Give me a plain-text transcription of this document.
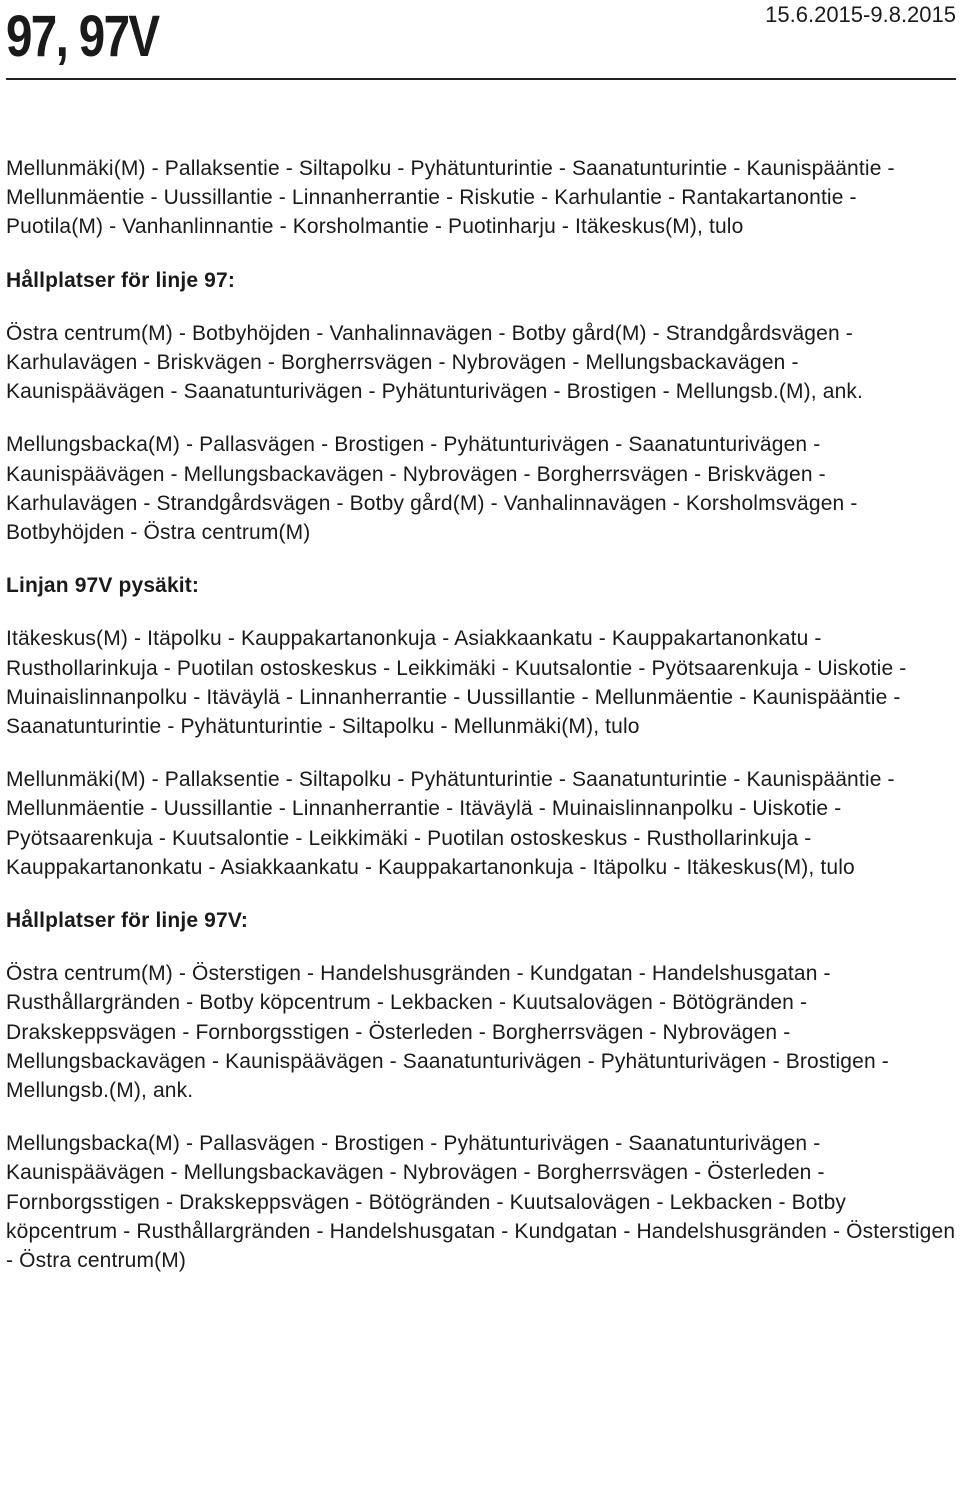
97, 97V	15.6.2015-9.8.2015

Mellunmäki(M) - Pallaksentie - Siltapolku - Pyhätunturintie - Saanatunturintie - Kaunispääntie - Mellunmäentie - Uussillantie - Linnanherrantie - Riskutie - Karhulantie - Rantakartanontie - Puotila(M) - Vanhanlinnantie - Korsholmantie - Puotinharju - Itäkeskus(M), tulo

Hållplatser för linje 97:

Östra centrum(M) - Botbyhöjden - Vanhalinnavägen - Botby gård(M) - Strandgårdsvägen - Karhulavägen - Briskvägen - Borgherrsvägen - Nybrovägen - Mellungsbackavägen - Kaunispäävägen - Saanatunturivägen - Pyhätunturivägen - Brostigen - Mellungsb.(M), ank.

Mellungsbacka(M) - Pallasvägen - Brostigen - Pyhätunturivägen - Saanatunturivägen - Kaunispäävägen - Mellungsbackavägen - Nybrovägen - Borgherrsvägen - Briskvägen - Karhulavägen - Strandgårdsvägen - Botby gård(M) - Vanhalinnavägen - Korsholmsvägen - Botbyhöjden - Östra centrum(M)

Linjan 97V pysäkit:

Itäkeskus(M) - Itäpolku - Kauppakartanonkuja - Asiakkaankatu - Kauppakartanonkatu - Rusthollarinkuja - Puotilan ostoskeskus - Leikkimäki - Kuutsalontie - Pyötsaarenkuja - Uiskotie - Muinaislinnanpolku - Itäväylä - Linnanherrantie - Uussillantie - Mellunmäentie - Kaunispääntie - Saanatunturintie - Pyhätunturintie - Siltapolku - Mellunmäki(M), tulo

Mellunmäki(M) - Pallaksentie - Siltapolku - Pyhätunturintie - Saanatunturintie - Kaunispääntie - Mellunmäentie - Uussillantie - Linnanherrantie - Itäväylä - Muinaislinnanpolku - Uiskotie - Pyötsaarenkuja - Kuutsalontie - Leikkimäki - Puotilan ostoskeskus - Rusthollarinkuja - Kauppakartanonkatu - Asiakkaankatu - Kauppakartanonkuja - Itäpolku - Itäkeskus(M), tulo

Hållplatser för linje 97V:

Östra centrum(M) - Österstigen - Handelshusgränden - Kundgatan - Handelshusgatan - Rusthållargränden - Botby köpcentrum - Lekbacken - Kuutsalovägen - Bötögränden - Drakskeppsvägen - Fornborgsstigen - Österleden - Borgherrsvägen - Nybrovägen - Mellungsbackavägen - Kaunispäävägen - Saanatunturivägen - Pyhätunturivägen - Brostigen - Mellungsb.(M), ank.

Mellungsbacka(M) - Pallasvägen - Brostigen - Pyhätunturivägen - Saanatunturivägen - Kaunispäävägen - Mellungsbackavägen - Nybrovägen - Borgherrsvägen - Österleden - Fornborgsstigen - Drakskeppsvägen - Bötögränden - Kuutsalovägen - Lekbacken - Botby köpcentrum - Rusthållargränden - Handelshusgatan - Kundgatan - Handelshusgränden - Österstigen - Östra centrum(M)
